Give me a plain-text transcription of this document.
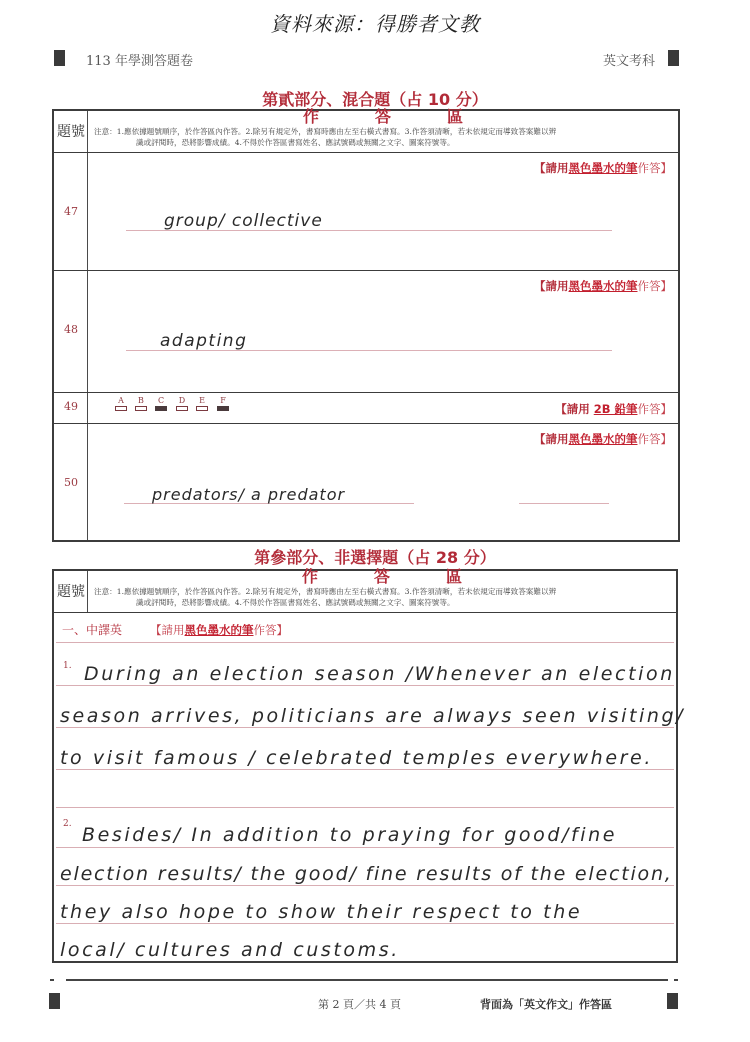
資料來源：得勝者文教
113 年學測答題卷	英文考科
第貳部分、混合題（占 10 分）
題號
作答區
注意：1.應依據題號順序，於作答區內作答。2.除另有規定外，書寫時應由左至右橫式書寫。3.作答須清晰，若未依規定而導致答案難以辨
識或評閱時，恐將影響成績。4.不得於作答區書寫姓名、應試號碼或無關之文字、圖案符號等。
47
【請用黑色墨水的筆作答】
group/ collective
48
【請用黑色墨水的筆作答】
adapting
49	A	B	C	D	E	F
【請用 2B 鉛筆作答】
50
【請用黑色墨水的筆作答】
predators/ a predator
第參部分、非選擇題（占 28 分）
題號
作答區
注意：1.應依據題號順序，於作答區內作答。2.除另有規定外，書寫時應由左至右橫式書寫。3.作答須清晰，若未依規定而導致答案難以辨
識或評閱時，恐將影響成績。4.不得於作答區書寫姓名、應試號碼或無關之文字、圖案符號等。
一、中譯英 【請用黑色墨水的筆作答】
1. During an election season /Whenever an election
season arrives, politicians are always seen visiting/
to visit famous / celebrated temples everywhere.
2. Besides/ In addition to praying for good/fine
election results/ the good/ fine results of the election,
they also hope to show their respect to the
local/ cultures and customs.
第 2 頁／共 4 頁	背面為「英文作文」作答區
